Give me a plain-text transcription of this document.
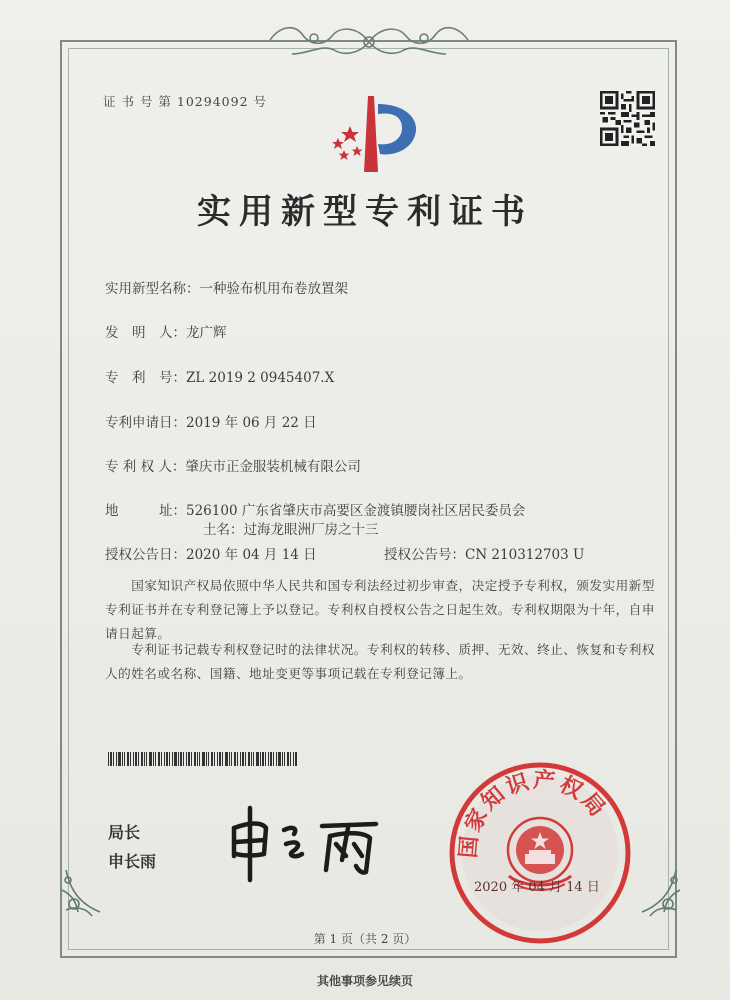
证 书 号 第 10294092 号
实用新型专利证书
实用新型名称：一种验布机用布卷放置架
发　明　人：龙广辉
专　利　号：ZL 2019 2 0945407.X
专利申请日：2019 年 06 月 22 日
专 利 权 人：肇庆市正金服装机械有限公司
地　　　址：526100 广东省肇庆市高要区金渡镇腰岗社区居民委员会
土名：过海龙眼洲厂房之十三
授权公告日：2020 年 04 月 14 日	授权公告号：CN 210312703 U
　　国家知识产权局依照中华人民共和国专利法经过初步审查，决定授予专利权，颁发实用新型专利证书并在专利登记簿上予以登记。专利权自授权公告之日起生效。专利权期限为十年，自申请日起算。
　　专利证书记载专利权登记时的法律状况。专利权的转移、质押、无效、终止、恢复和专利权人的姓名或名称、国籍、地址变更等事项记载在专利登记簿上。
局长
申长雨
国家知识产权局
2020 年 04 月 14 日
第 1 页（共 2 页）
其他事项参见续页
